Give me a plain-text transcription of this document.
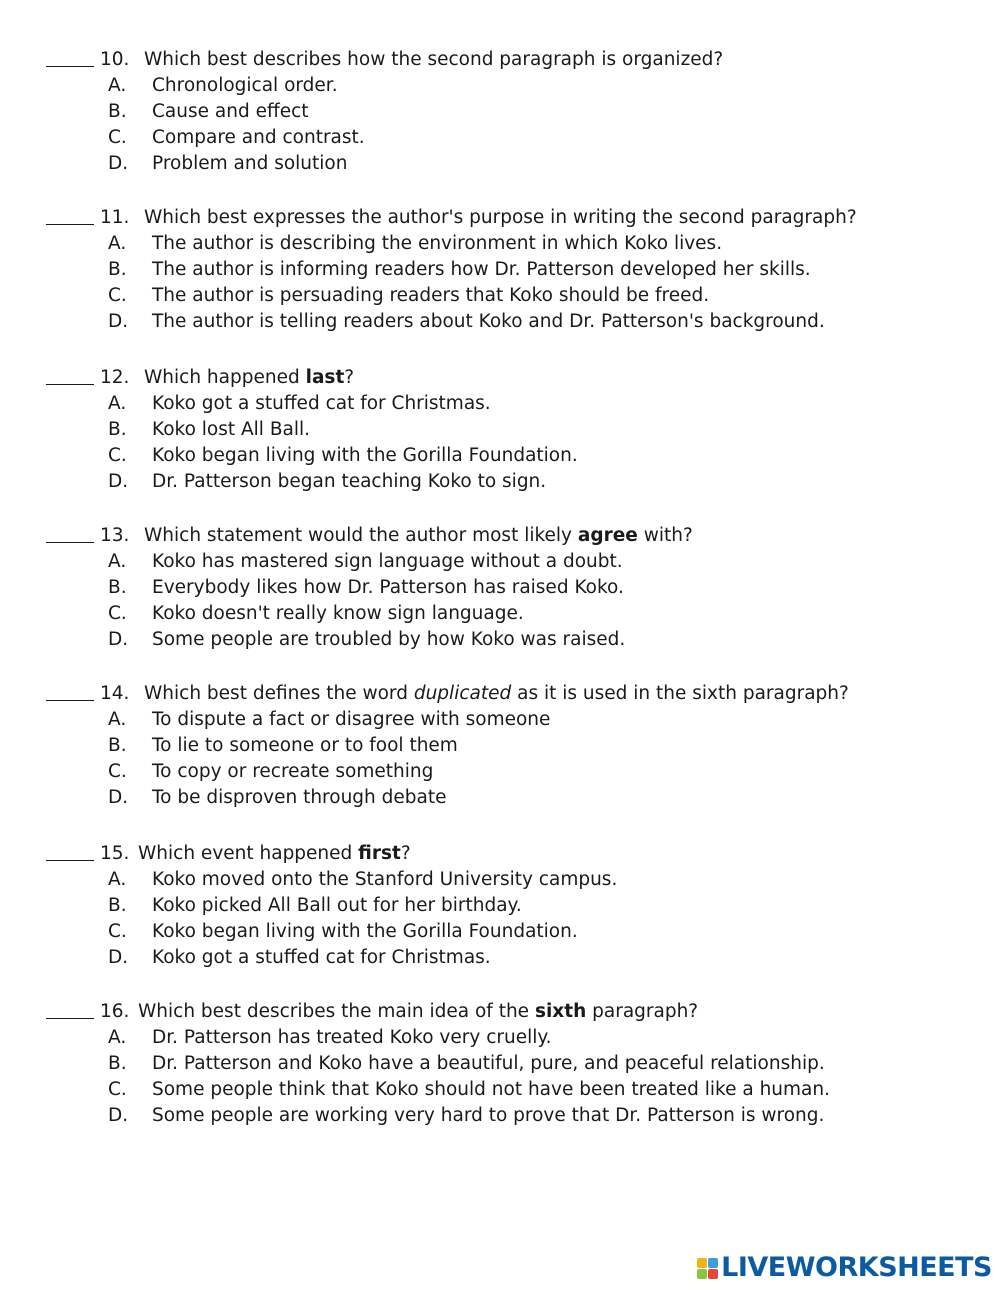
10. Which best describes how the second paragraph is organized?
A.	Chronological order.
B.	Cause and effect
C.	Compare and contrast.
D.	Problem and solution
11. Which best expresses the author's purpose in writing the second paragraph?
A.	The author is describing the environment in which Koko lives.
B.	The author is informing readers how Dr. Patterson developed her skills.
C.	The author is persuading readers that Koko should be freed.
D.	The author is telling readers about Koko and Dr. Patterson's background.
12. Which happened last?
A.	Koko got a stuffed cat for Christmas.
B.	Koko lost All Ball.
C.	Koko began living with the Gorilla Foundation.
D.	Dr. Patterson began teaching Koko to sign.
13. Which statement would the author most likely agree with?
A.	Koko has mastered sign language without a doubt.
B.	Everybody likes how Dr. Patterson has raised Koko.
C.	Koko doesn't really know sign language.
D.	Some people are troubled by how Koko was raised.
14. Which best defines the word duplicated as it is used in the sixth paragraph?
A.	To dispute a fact or disagree with someone
B.	To lie to someone or to fool them
C.	To copy or recreate something
D.	To be disproven through debate
15. Which event happened first?
A.	Koko moved onto the Stanford University campus.
B.	Koko picked All Ball out for her birthday.
C.	Koko began living with the Gorilla Foundation.
D.	Koko got a stuffed cat for Christmas.
16. Which best describes the main idea of the sixth paragraph?
A.	Dr. Patterson has treated Koko very cruelly.
B.	Dr. Patterson and Koko have a beautiful, pure, and peaceful relationship.
C.	Some people think that Koko should not have been treated like a human.
D.	Some people are working very hard to prove that Dr. Patterson is wrong.
LIVEWORKSHEETS
